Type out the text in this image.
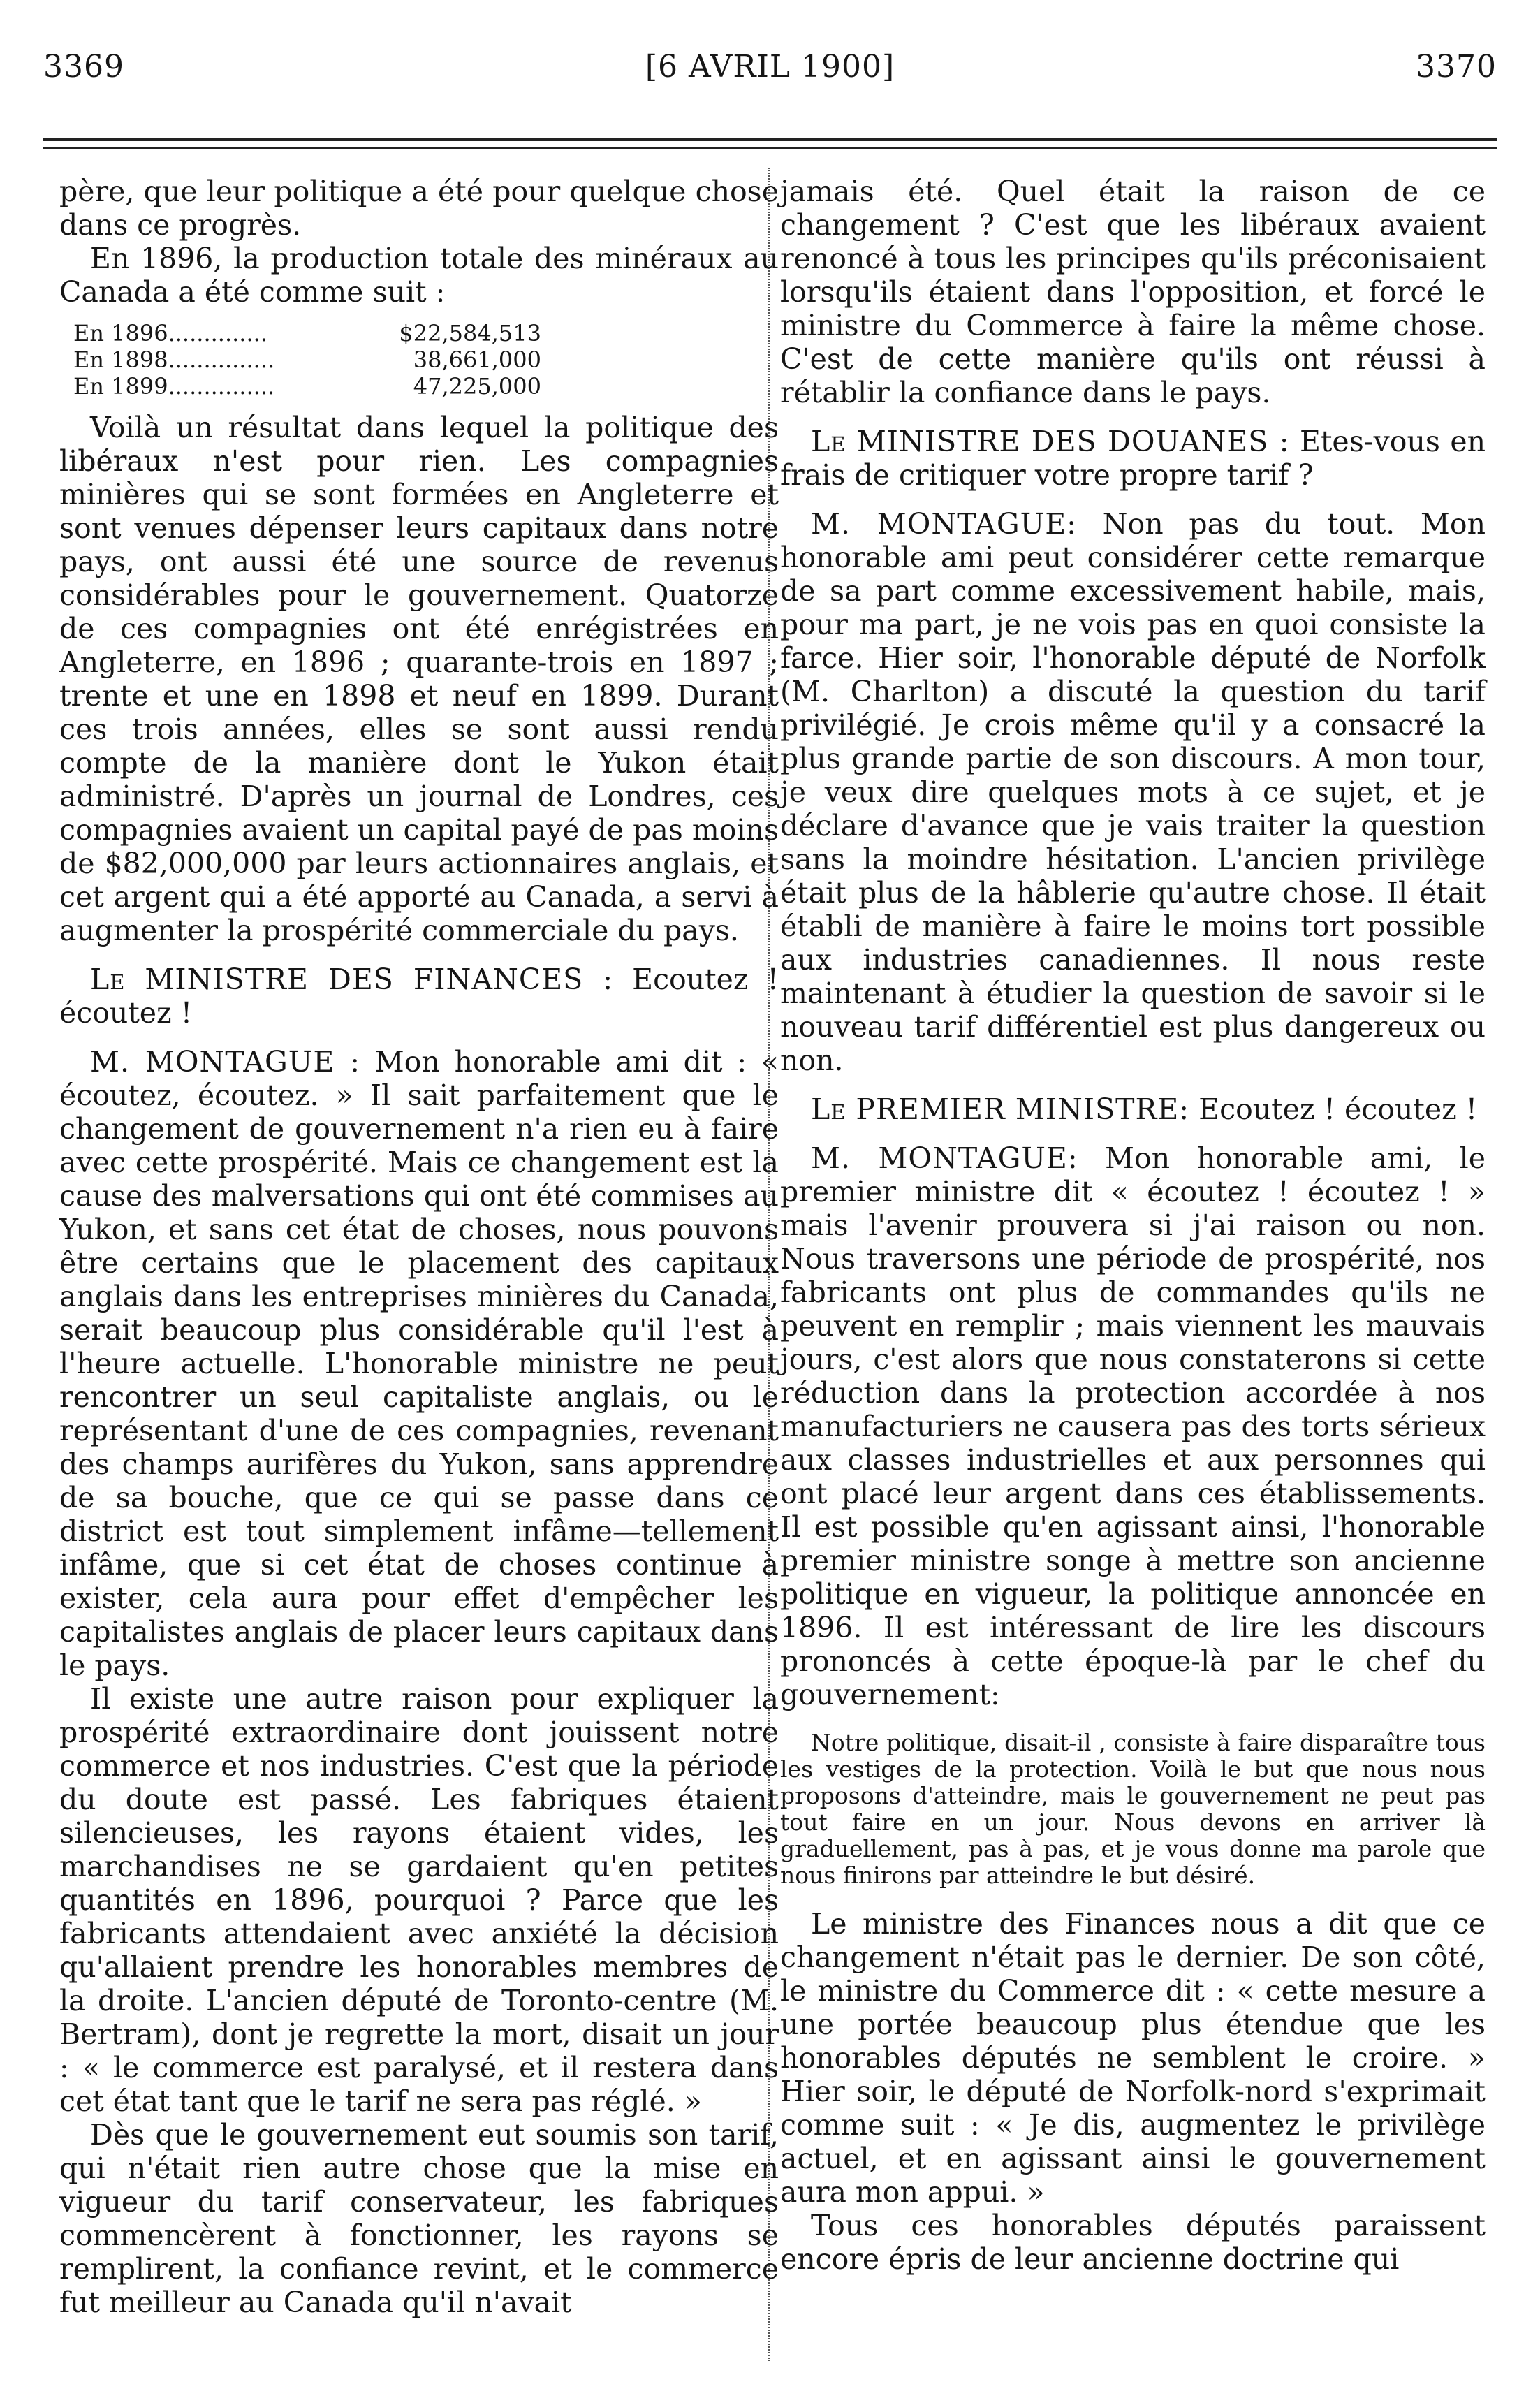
3369	[6 AVRIL 1900]	3370

père, que leur politique a été pour quelque chose dans ce progrès.

En 1896, la production totale des minéraux au Canada a été comme suit :

En 1896..............	$22,584,513
En 1898...............	38,661,000
En 1899...............	47,225,000

Voilà un résultat dans lequel la politique des libéraux n'est pour rien. Les compagnies minières qui se sont formées en Angleterre et sont venues dépenser leurs capitaux dans notre pays, ont aussi été une source de revenus considérables pour le gouvernement. Quatorze de ces compagnies ont été enrégistrées en Angleterre, en 1896 ; quarante-trois en 1897 ; trente et une en 1898 et neuf en 1899. Durant ces trois années, elles se sont aussi rendu compte de la manière dont le Yukon était administré. D'après un journal de Londres, ces compagnies avaient un capital payé de pas moins de $82,000,000 par leurs actionnaires anglais, et cet argent qui a été apporté au Canada, a servi à augmenter la prospérité commerciale du pays.

Le MINISTRE DES FINANCES : Ecoutez ! écoutez !

M. MONTAGUE : Mon honorable ami dit : « écoutez, écoutez. » Il sait parfaitement que le changement de gouvernement n'a rien eu à faire avec cette prospérité. Mais ce changement est la cause des malversations qui ont été commises au Yukon, et sans cet état de choses, nous pouvons être certains que le placement des capitaux anglais dans les entreprises minières du Canada, serait beaucoup plus considérable qu'il l'est à l'heure actuelle. L'honorable ministre ne peut rencontrer un seul capitaliste anglais, ou le représentant d'une de ces compagnies, revenant des champs aurifères du Yukon, sans apprendre de sa bouche, que ce qui se passe dans ce district est tout simplement infâme—tellement infâme, que si cet état de choses continue à exister, cela aura pour effet d'empêcher les capitalistes anglais de placer leurs capitaux dans le pays.

Il existe une autre raison pour expliquer la prospérité extraordinaire dont jouissent notre commerce et nos industries. C'est que la période du doute est passé. Les fabriques étaient silencieuses, les rayons étaient vides, les marchandises ne se gardaient qu'en petites quantités en 1896, pourquoi ? Parce que les fabricants attendaient avec anxiété la décision qu'allaient prendre les honorables membres de la droite. L'ancien député de Toronto-centre (M. Bertram), dont je regrette la mort, disait un jour : « le commerce est paralysé, et il restera dans cet état tant que le tarif ne sera pas réglé. »

Dès que le gouvernement eut soumis son tarif, qui n'était rien autre chose que la mise en vigueur du tarif conservateur, les fabriques commencèrent à fonctionner, les rayons se remplirent, la confiance revint, et le commerce fut meilleur au Canada qu'il n'avait

jamais été. Quel était la raison de ce changement ? C'est que les libéraux avaient renoncé à tous les principes qu'ils préconisaient lorsqu'ils étaient dans l'opposition, et forcé le ministre du Commerce à faire la même chose. C'est de cette manière qu'ils ont réussi à rétablir la confiance dans le pays.

Le MINISTRE DES DOUANES : Etes-vous en frais de critiquer votre propre tarif ?

M. MONTAGUE: Non pas du tout. Mon honorable ami peut considérer cette remarque de sa part comme excessivement habile, mais, pour ma part, je ne vois pas en quoi consiste la farce. Hier soir, l'honorable député de Norfolk (M. Charlton) a discuté la question du tarif privilégié. Je crois même qu'il y a consacré la plus grande partie de son discours. A mon tour, je veux dire quelques mots à ce sujet, et je déclare d'avance que je vais traiter la question sans la moindre hésitation. L'ancien privilège était plus de la hâblerie qu'autre chose. Il était établi de manière à faire le moins tort possible aux industries canadiennes. Il nous reste maintenant à étudier la question de savoir si le nouveau tarif différentiel est plus dangereux ou non.

Le PREMIER MINISTRE: Ecoutez ! écoutez !

M. MONTAGUE: Mon honorable ami, le premier ministre dit « écoutez ! écoutez ! » mais l'avenir prouvera si j'ai raison ou non. Nous traversons une période de prospérité, nos fabricants ont plus de commandes qu'ils ne peuvent en remplir ; mais viennent les mauvais jours, c'est alors que nous constaterons si cette réduction dans la protection accordée à nos manufacturiers ne causera pas des torts sérieux aux classes industrielles et aux personnes qui ont placé leur argent dans ces établissements. Il est possible qu'en agissant ainsi, l'honorable premier ministre songe à mettre son ancienne politique en vigueur, la politique annoncée en 1896. Il est intéressant de lire les discours prononcés à cette époque-là par le chef du gouvernement:

Notre politique, disait-il , consiste à faire disparaître tous les vestiges de la protection. Voilà le but que nous nous proposons d'atteindre, mais le gouvernement ne peut pas tout faire en un jour. Nous devons en arriver là graduellement, pas à pas, et je vous donne ma parole que nous finirons par atteindre le but désiré.

Le ministre des Finances nous a dit que ce changement n'était pas le dernier. De son côté, le ministre du Commerce dit : « cette mesure a une portée beaucoup plus étendue que les honorables députés ne semblent le croire. » Hier soir, le député de Norfolk-nord s'exprimait comme suit : « Je dis, augmentez le privilège actuel, et en agissant ainsi le gouvernement aura mon appui. »

Tous ces honorables députés paraissent encore épris de leur ancienne doctrine qui
